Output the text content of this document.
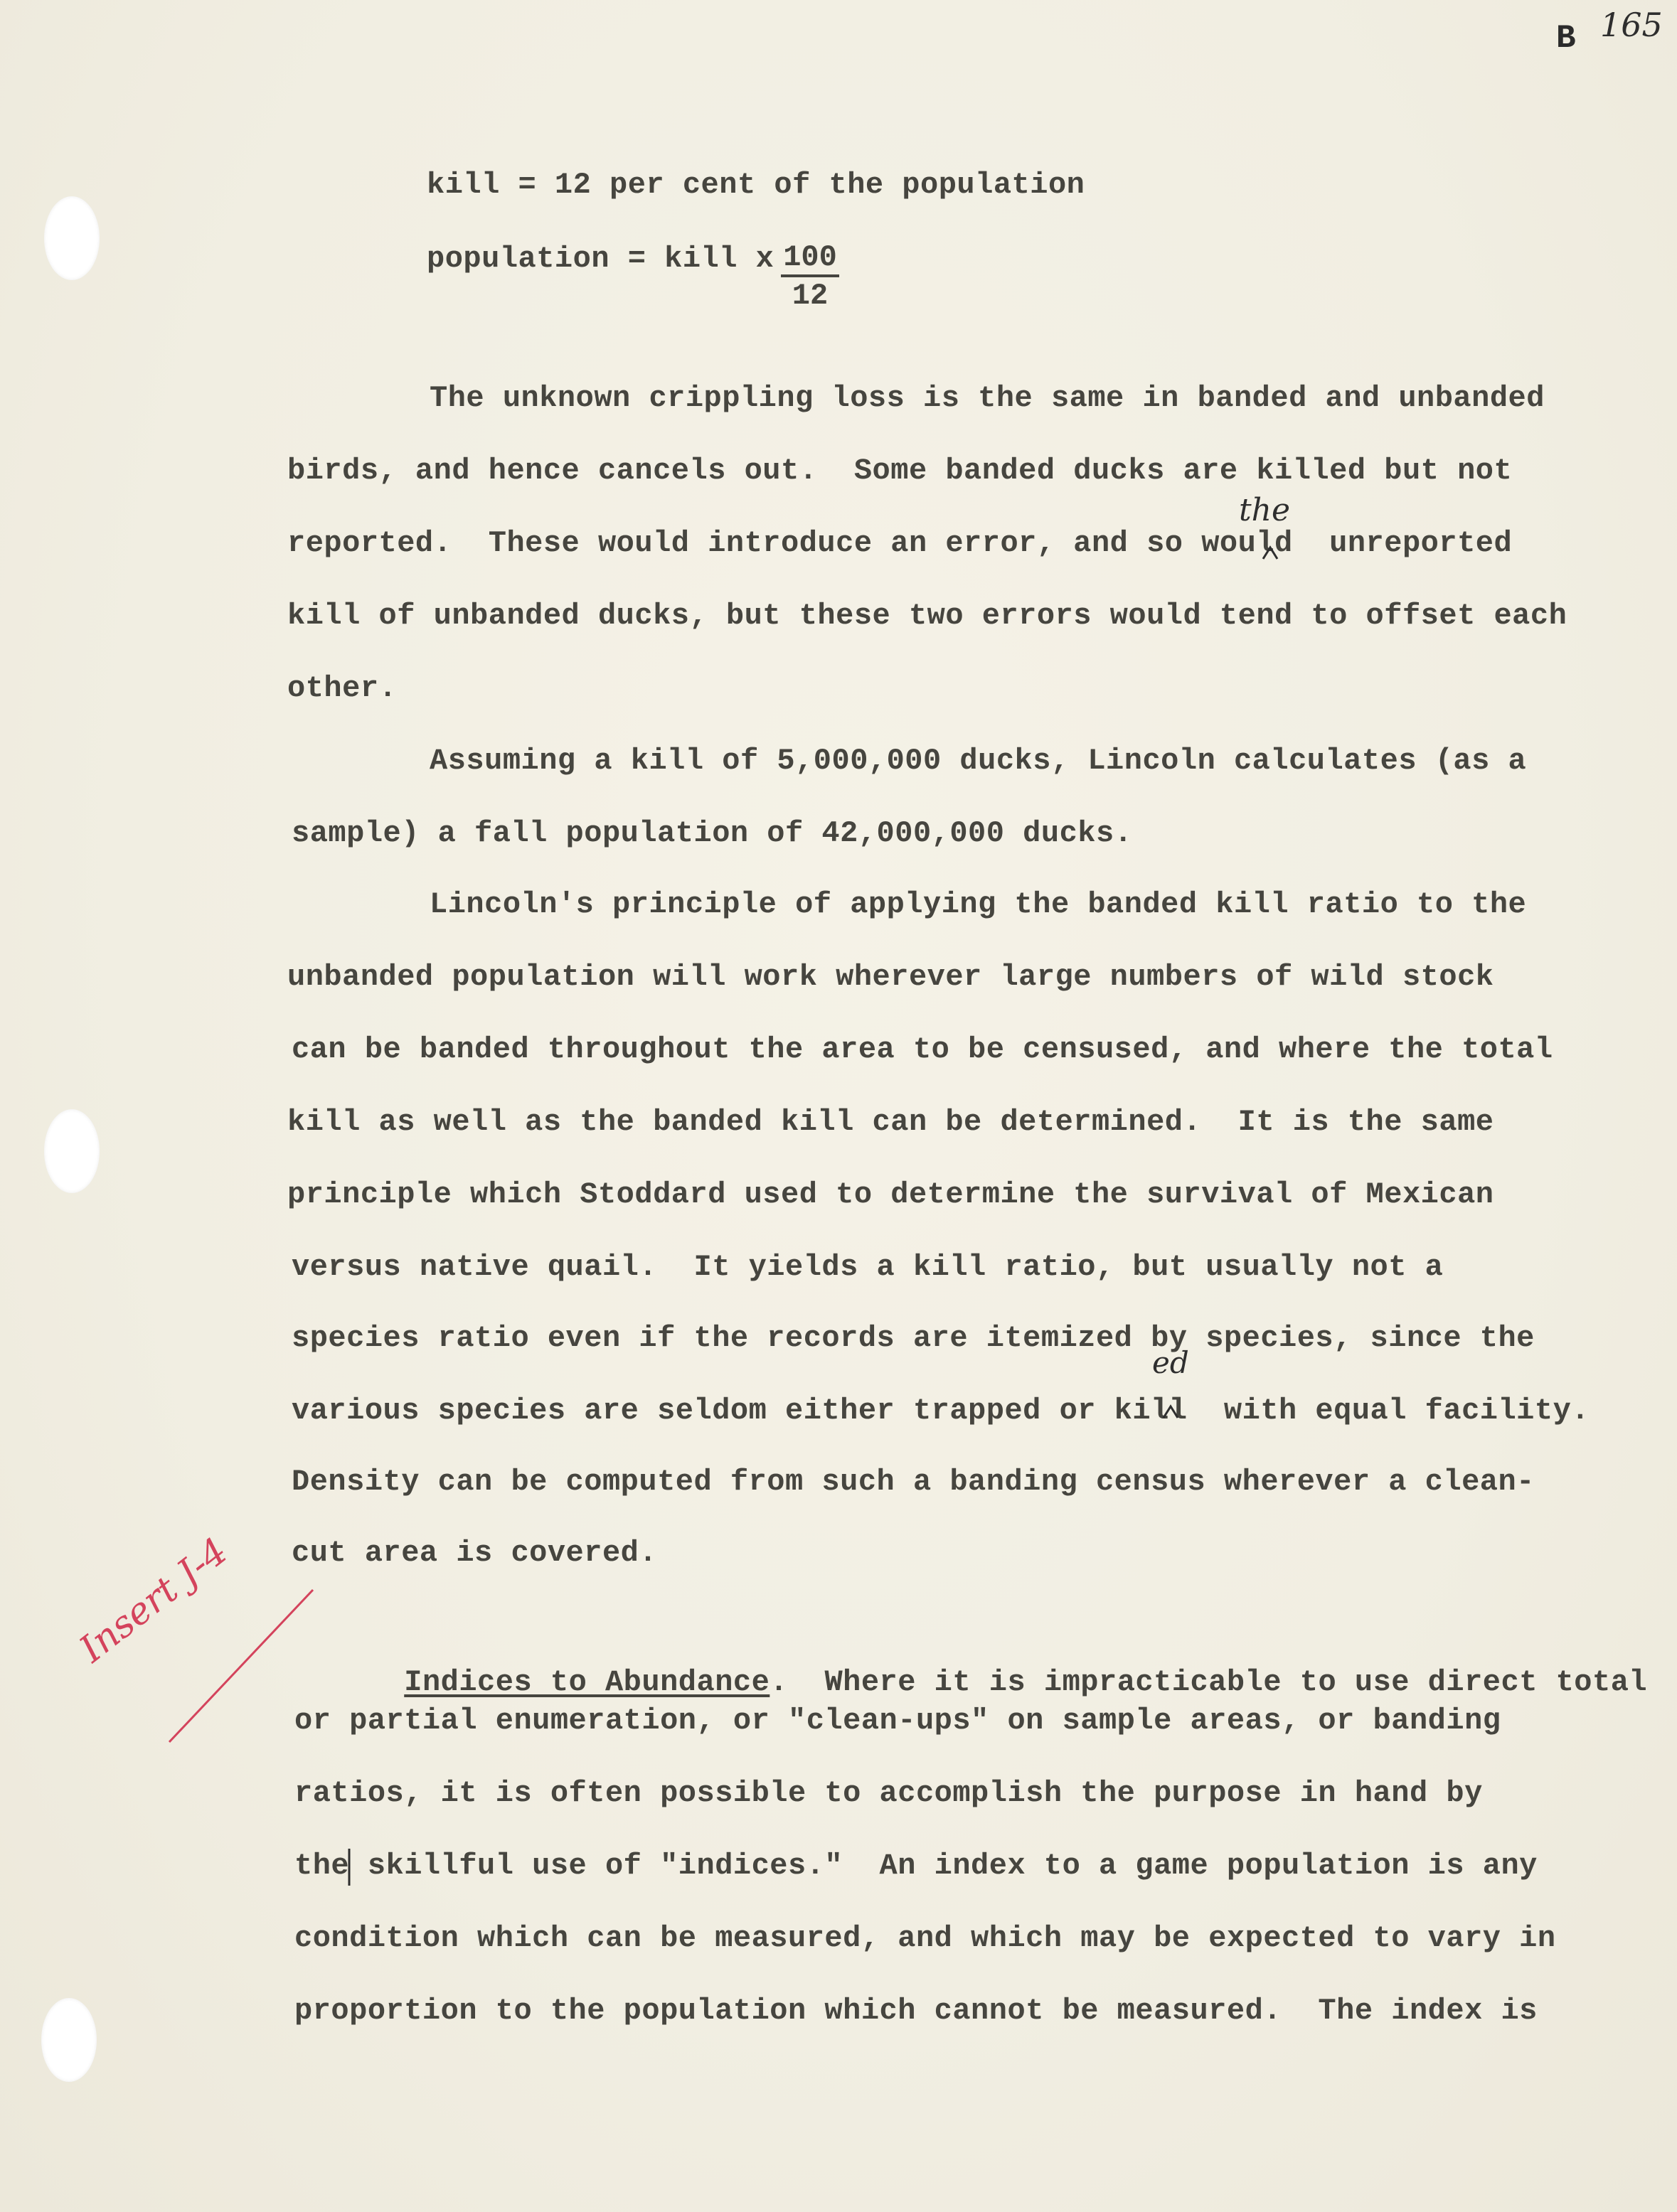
B 165
kill = 12 per cent of the population
population = kill x $\frac{100}{12}$
The unknown crippling loss is the same in banded and unbanded
birds, and hence cancels out.  Some banded ducks are killed but not
reported.  These would introduce an error, and so would  unreported
kill of unbanded ducks, but these two errors would tend to offset each
other.
the
Assuming a kill of 5,000,000 ducks, Lincoln calculates (as a
sample) a fall population of 42,000,000 ducks.
Lincoln's principle of applying the banded kill ratio to the
unbanded population will work wherever large numbers of wild stock
can be banded throughout the area to be censused, and where the total
kill as well as the banded kill can be determined.  It is the same
principle which Stoddard used to determine the survival of Mexican
versus native quail.  It yields a kill ratio, but usually not a
species ratio even if the records are itemized by species, since the
various species are seldom either trapped or kill  with equal facility.
Density can be computed from such a banding census wherever a clean-
cut area is covered.
ed

Indices to Abundance.  Where it is impracticable to use direct total

or partial enumeration, or "clean-ups" on sample areas, or banding
ratios, it is often possible to accomplish the purpose in hand by
the skillful use of "indices."  An index to a game population is any
condition which can be measured, and which may be expected to vary in
proportion to the population which cannot be measured.  The index is
Insert J-4
